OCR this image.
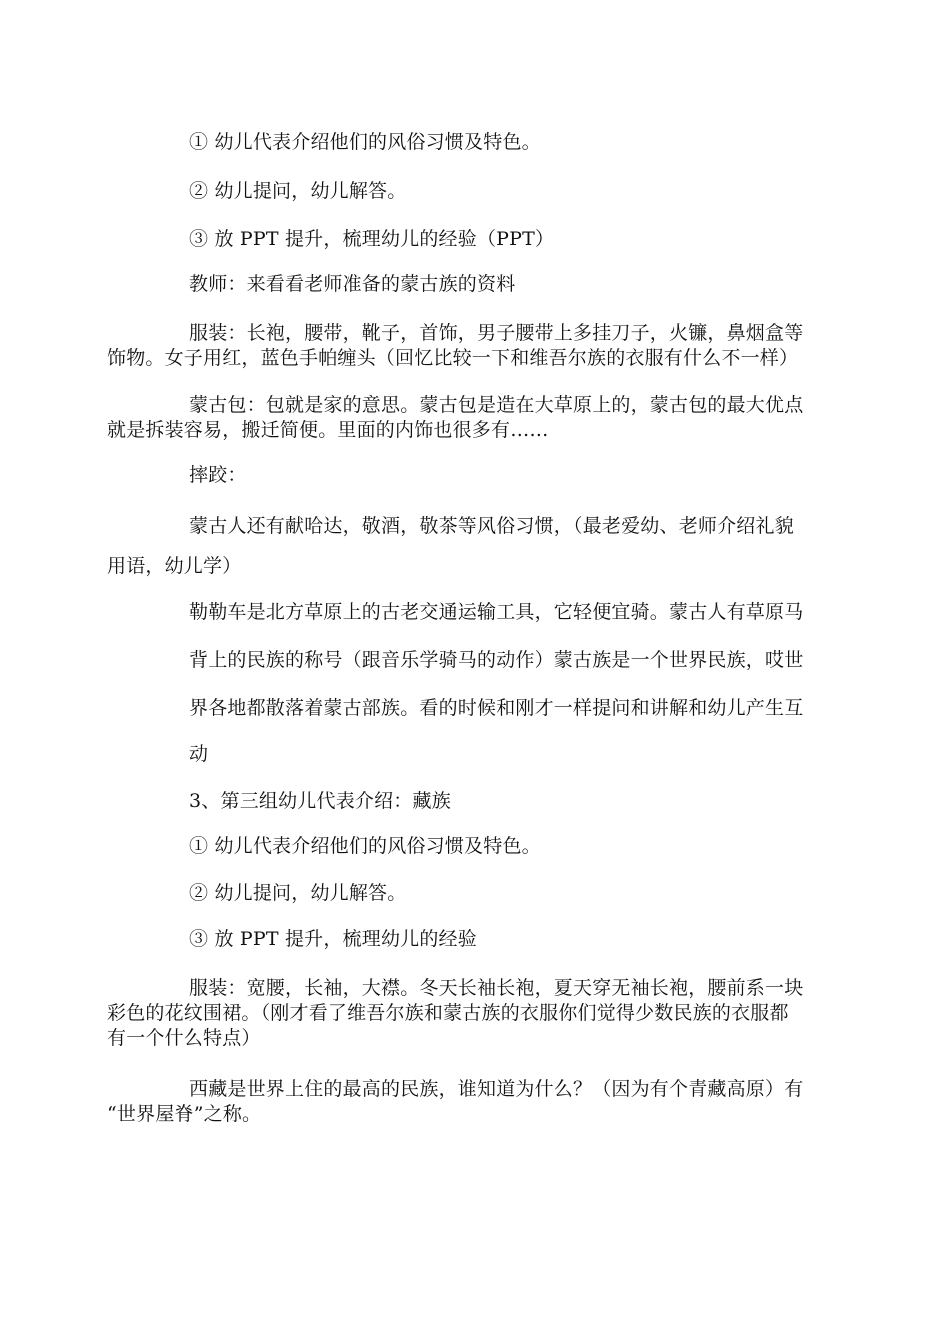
① 幼儿代表介绍他们的风俗习惯及特色。

② 幼儿提问，幼儿解答。

③ 放 PPT 提升，梳理幼儿的经验（PPT）

教师：来看看老师准备的蒙古族的资料

服装：长袍，腰带，靴子，首饰，男子腰带上多挂刀子，火镰，鼻烟盒等

饰物。女子用红，蓝色手帕缠头（回忆比较一下和维吾尔族的衣服有什么不一样）

蒙古包：包就是家的意思。蒙古包是造在大草原上的，蒙古包的最大优点

就是拆装容易，搬迁简便。里面的内饰也很多有……

摔跤：

蒙古人还有献哈达，敬酒，敬茶等风俗习惯，（最老爱幼、老师介绍礼貌

用语，幼儿学）

勒勒车是北方草原上的古老交通运输工具，它轻便宜骑。蒙古人有草原马

背上的民族的称号（跟音乐学骑马的动作）蒙古族是一个世界民族，哎世

界各地都散落着蒙古部族。看的时候和刚才一样提问和讲解和幼儿产生互

动

3、第三组幼儿代表介绍：藏族

① 幼儿代表介绍他们的风俗习惯及特色。

② 幼儿提问，幼儿解答。

③ 放 PPT 提升，梳理幼儿的经验

服装：宽腰，长袖，大襟。冬天长袖长袍，夏天穿无袖长袍，腰前系一块

彩色的花纹围裙。（刚才看了维吾尔族和蒙古族的衣服你们觉得少数民族的衣服都

有一个什么特点）

西藏是世界上住的最高的民族，谁知道为什么？（因为有个青藏高原）有

“世界屋脊”之称。
